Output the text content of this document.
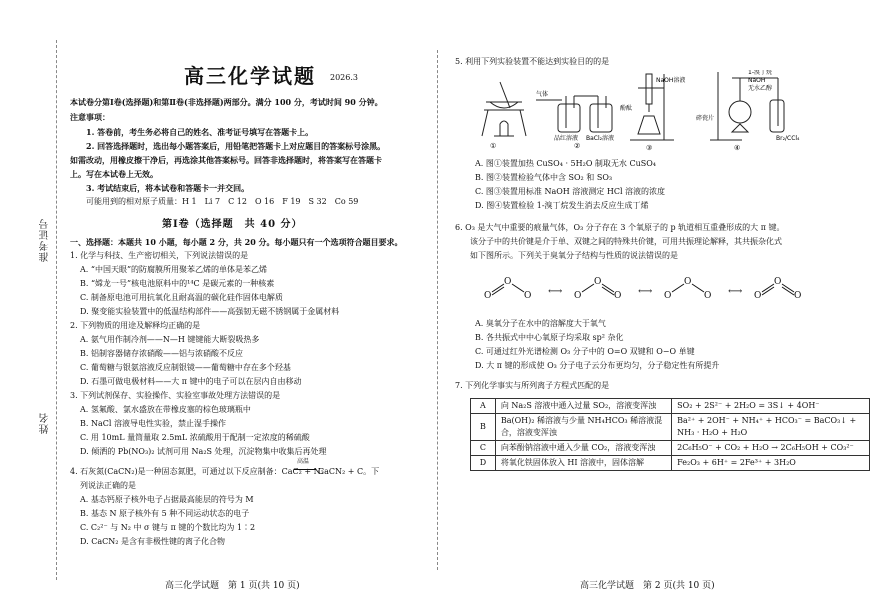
准考证号
姓名
高三化学试题 2026.3
本试卷分第Ⅰ卷(选择题)和第Ⅱ卷(非选择题)两部分。满分 100 分，考试时间 90 分钟。
注意事项：
1. 答卷前，考生务必将自己的姓名、准考证号填写在答题卡上。
2. 回答选择题时，选出每小题答案后，用铅笔把答题卡上对应题目的答案标号涂黑。
如需改动，用橡皮擦干净后，再选涂其他答案标号。回答非选择题时，将答案写在答题卡
上。写在本试卷上无效。
3. 考试结束后，将本试卷和答题卡一并交回。
可能用到的相对原子质量：H 1　Li 7　C 12　O 16　F 19　S 32　Co 59
第Ⅰ卷（选择题　共 40 分）
一、选择题：本题共 10 小题，每小题 2 分，共 20 分。每小题只有一个选项符合题目要求。
1. 化学与科技、生产密切相关，下列说法错误的是
A. “中国天眼”的防腐膜所用聚苯乙烯的单体是苯乙烯
B. “嫦龙一号”核电池原料中的¹⁴C 是碳元素的一种核素
C. 制备原电池可用抗氧化且耐高温的碳化硅作固体电解质
D. 聚变能实验装置中的低温结构部件——高强韧无磁不锈钢属于金属材料
2. 下列物质的用途及解释均正确的是
A. 氨气用作制冷剂——N—H 键键能大断裂吸热多
B. 铝制容器储存浓硝酸——铝与浓硝酸不反应
C. 葡萄糖与银氨溶液反应制银镜——葡萄糖中存在多个羟基
D. 石墨可做电极材料——大 π 键中的电子可以在层内自由移动
3. 下列试剂保存、实验操作、实验室事故处理方法错误的是
A. 氢氟酸、氯水盛放在带橡皮塞的棕色玻璃瓶中
B. NaCl 溶液导电性实验，禁止湿手操作
C. 用 10mL 量筒量取 2.5mL 浓硫酸用于配制一定浓度的稀硫酸
D. 倾洒的 Pb(NO₃)₂ 试剂可用 Na₂S 处理，沉淀物集中收集后再处理
4. 石灰氮(CaCN₂)是一种固态氮肥，可通过以下反应制备：CaC₂ + N₂
高温
CaCN₂ + C。下
列说法正确的是
A. 基态钙原子核外电子占据最高能层的符号为 M
B. 基态 N 原子核外有 5 种不同运动状态的电子
C. C₂²⁻ 与 N₂ 中 σ 键与 π 键的个数比均为 1∶2
D. CaCN₂ 是含有非极性键的离子化合物
高三化学试题　第 1 页(共 10 页)
5. 利用下列实验装置不能达到实验目的的是
①	②	③	④
气体
品红溶液 BaCl₂溶液
NaOH溶液
酚酞
1-溴丁烷
NaOH
无水乙醇
碎瓷片
Br₂/CCl₄
A. 图①装置加热 CuSO₄ · 5H₂O 制取无水 CuSO₄
B. 图②装置检验气体中含 SO₂ 和 SO₃
C. 图③装置用标准 NaOH 溶液测定 HCl 溶液的浓度
D. 图④装置检验 1-溴丁烷发生消去反应生成丁烯
6. O₃ 是大气中重要的痕量气体，O₃ 分子存在 3 个氧原子的 p 轨道相互重叠形成的大 π 键。
该分子中的共价键是介于单、双键之间的特殊共价键，可用共振理论解释，其共振杂化式
如下图所示。下列关于臭氧分子结构与性质的说法错误的是
O
O
O ⟷ O
O
O ⟷ O
O
O ⟷ O
O
O
A. 臭氧分子在水中的溶解度大于氧气
B. 各共振式中中心氧原子均采取 sp² 杂化
C. 可通过红外光谱检测 O₃ 分子中的 O=O 双键和 O−O 单键
D. 大 π 键的形成使 O₃ 分子电子云分布更均匀，分子稳定性有所提升
7. 下列化学事实与所列离子方程式匹配的是
A	向 Na₂S 溶液中通入过量 SO₂，溶液变浑浊	SO₂ + 2S²⁻ + 2H₂O = 3S↓ + 4OH⁻
B	Ba(OH)₂ 稀溶液与少量 NH₄HCO₃ 稀溶液混合，溶液变浑浊	Ba²⁺ + 2OH⁻ + NH₄⁺ + HCO₃⁻ = BaCO₃↓ + NH₃ · H₂O + H₂O
C	向苯酚钠溶液中通入少量 CO₂，溶液变浑浊	2C₆H₅O⁻ + CO₂ + H₂O → 2C₆H₅OH + CO₃²⁻
D	将氧化铁固体放入 HI 溶液中，固体溶解	Fe₂O₃ + 6H⁺ = 2Fe³⁺ + 3H₂O
高三化学试题　第 2 页(共 10 页)
